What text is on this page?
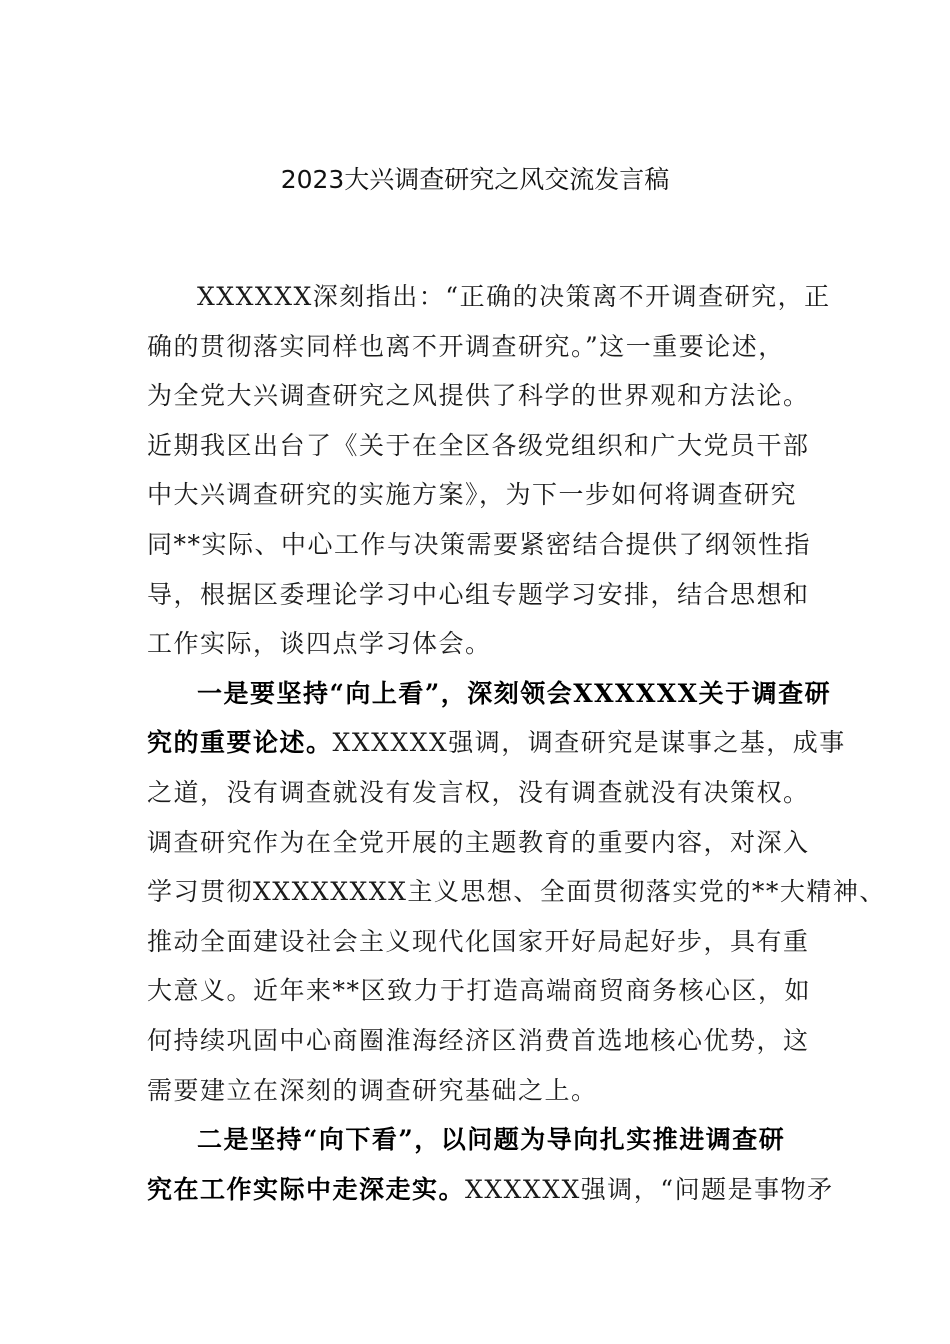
2023大兴调查研究之风交流发言稿
XXXXXX深刻指出：“正确的决策离不开调查研究，正
确的贯彻落实同样也离不开调查研究。”这一重要论述，
为全党大兴调查研究之风提供了科学的世界观和方法论。
近期我区出台了《关于在全区各级党组织和广大党员干部
中大兴调查研究的实施方案》，为下一步如何将调查研究
同**实际、中心工作与决策需要紧密结合提供了纲领性指
导，根据区委理论学习中心组专题学习安排，结合思想和
工作实际，谈四点学习体会。
一是要坚持“向上看”，深刻领会XXXXXX关于调查研
究的重要论述。XXXXXX强调，调查研究是谋事之基，成事
之道，没有调查就没有发言权，没有调查就没有决策权。
调查研究作为在全党开展的主题教育的重要内容，对深入
学习贯彻XXXXXXXX主义思想、全面贯彻落实党的**大精神、
推动全面建设社会主义现代化国家开好局起好步，具有重
大意义。近年来**区致力于打造高端商贸商务核心区，如
何持续巩固中心商圈淮海经济区消费首选地核心优势，这
需要建立在深刻的调查研究基础之上。
二是坚持“向下看”，以问题为导向扎实推进调查研
究在工作实际中走深走实。XXXXXX强调，“问题是事物矛
